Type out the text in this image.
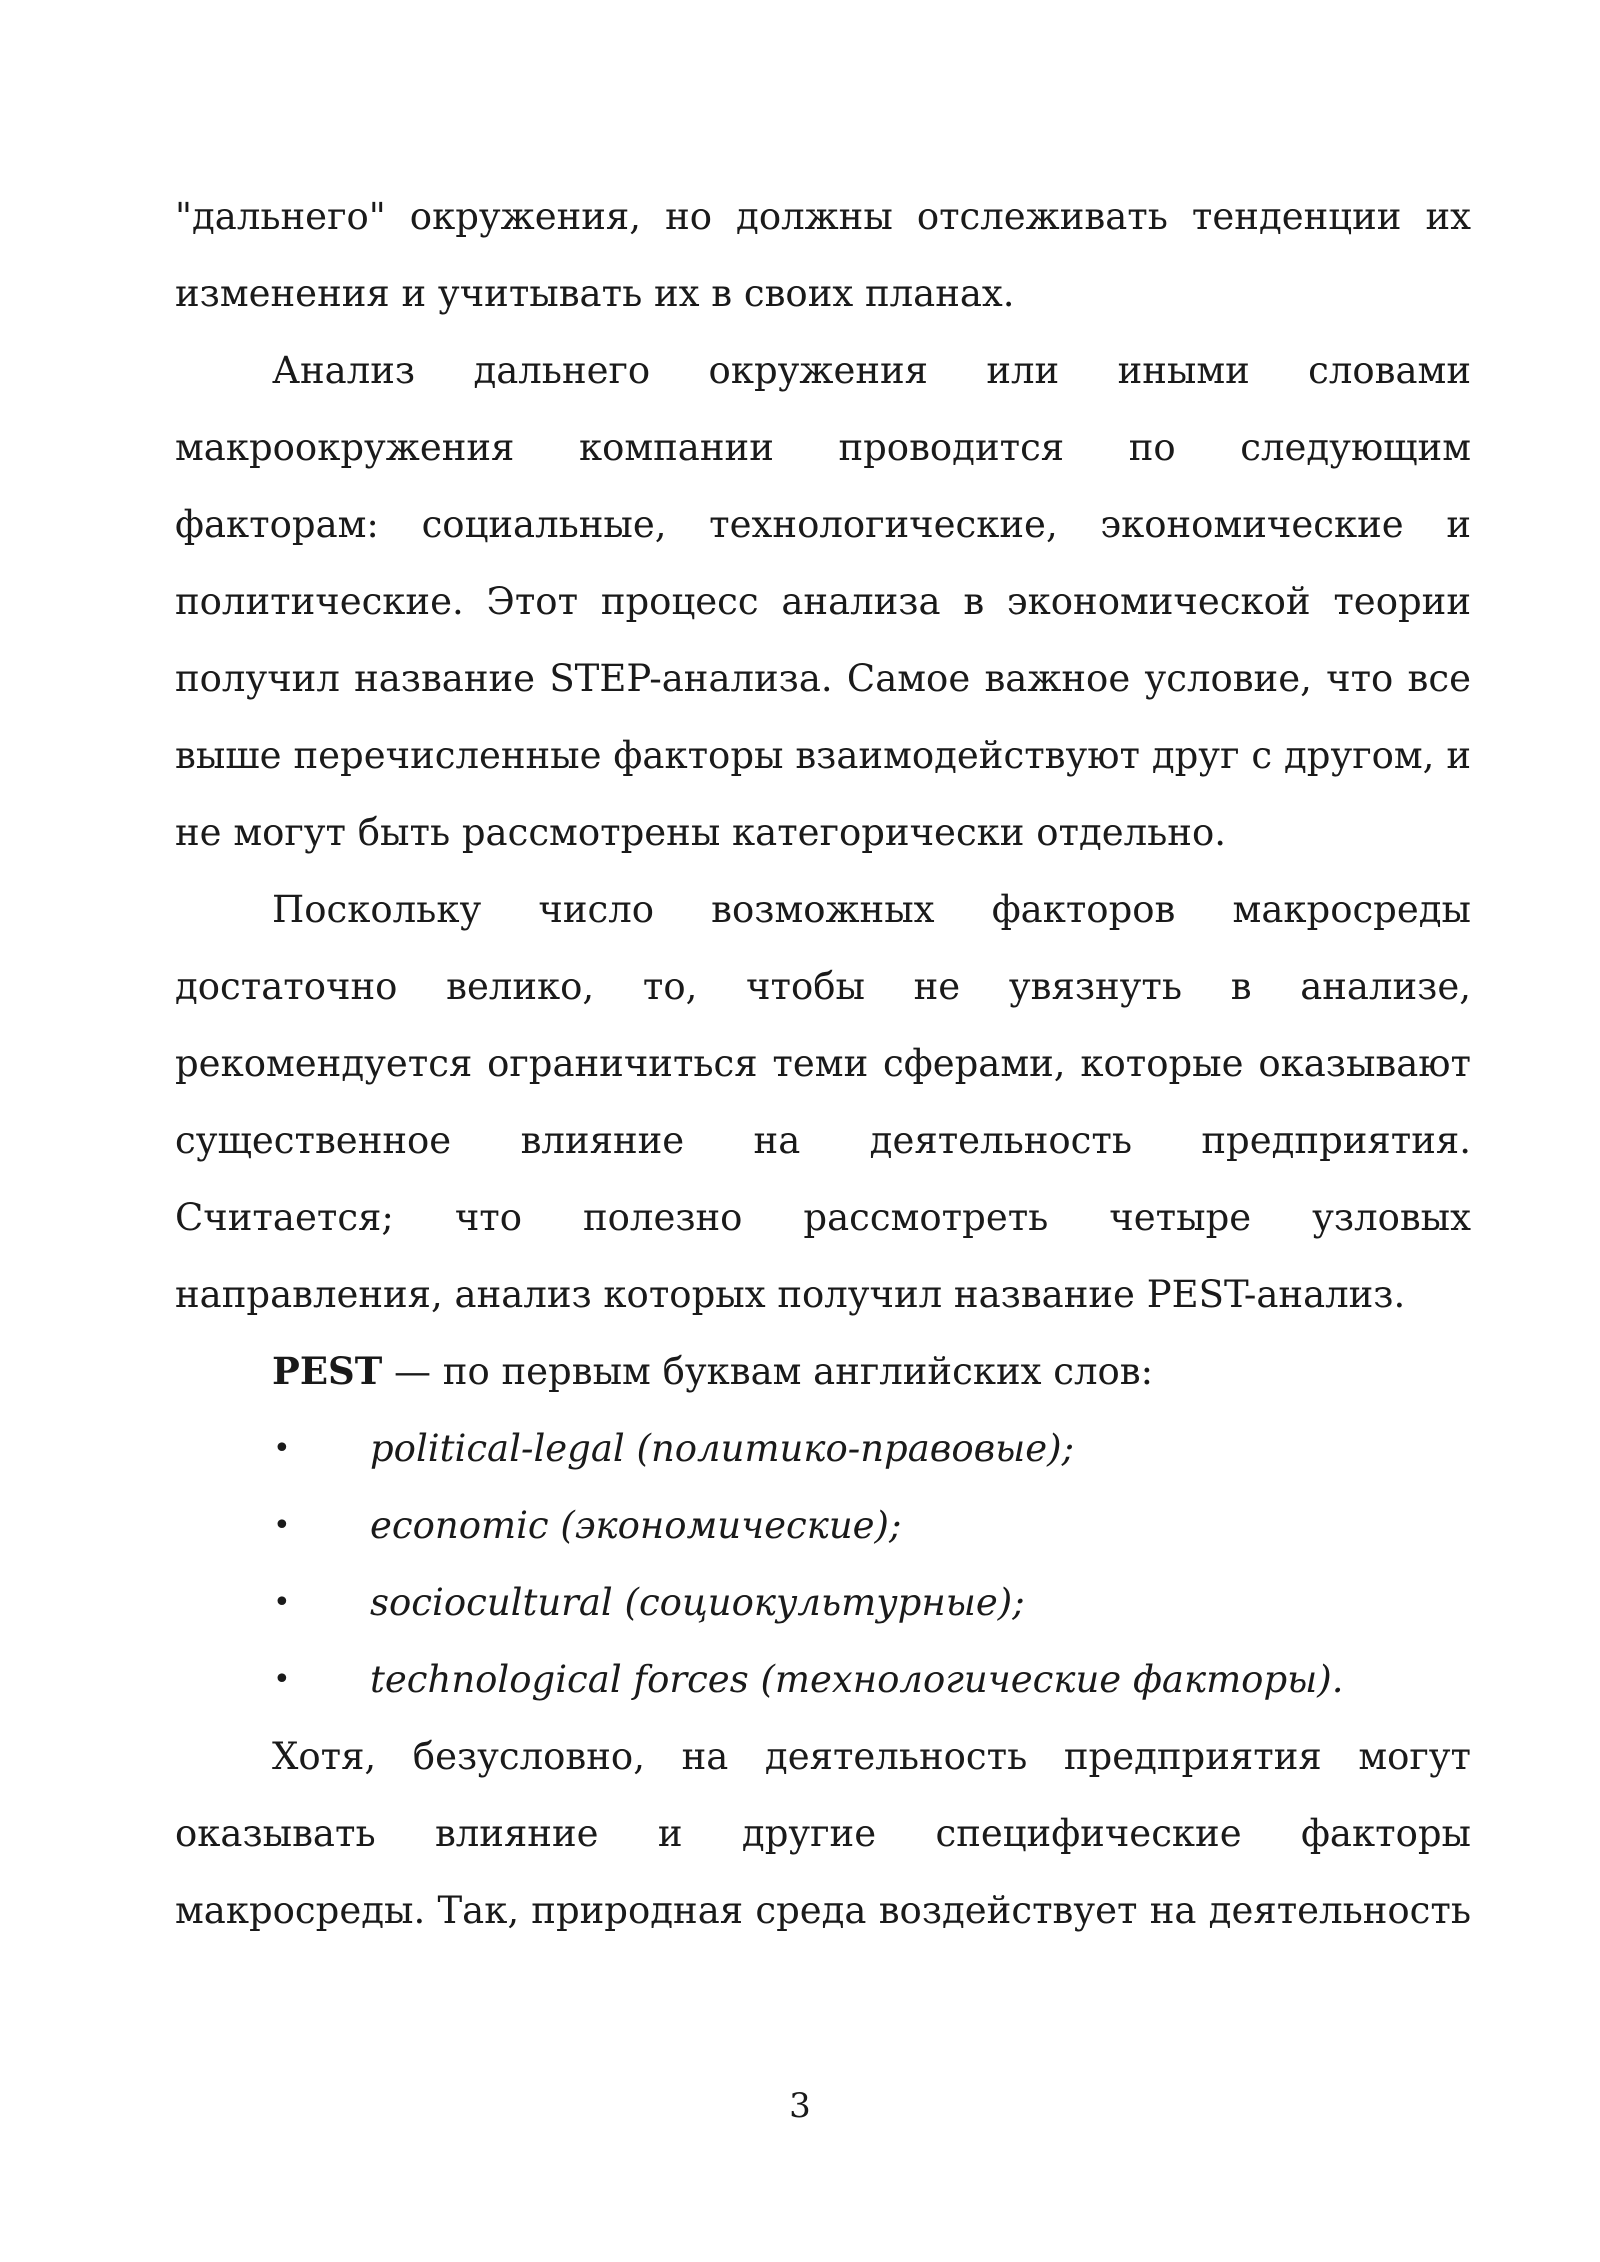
"дальнего" окружения, но должны отслеживать тенденции их изменения и учитывать их в своих планах.

Анализ дальнего окружения или иными словами макроокружения компании проводится по следующим факторам: социальные, технологические, экономические и политические. Этот процесс анализа в экономической теории получил название STEP-анализа. Самое важное условие, что все выше перечисленные факторы взаимодействуют друг с другом, и не могут быть рассмотрены категорически отдельно.

Поскольку число возможных факторов макросреды достаточно велико, то, чтобы не увязнуть в анализе, рекомендуется ограничиться теми сферами, которые оказывают существенное влияние на деятельность предприятия. Считается; что полезно рассмотреть четыре узловых направления, анализ которых получил название PEST-анализ.

PEST — по первым буквам английских слов:

• political-legal (политико-правовые);
• economic (экономические);
• sociocultural (социокультурные);
• technological forces (технологические факторы).

Хотя, безусловно, на деятельность предприятия могут оказывать влияние и другие специфические факторы макросреды. Так, природная среда воздействует на деятельность

3
